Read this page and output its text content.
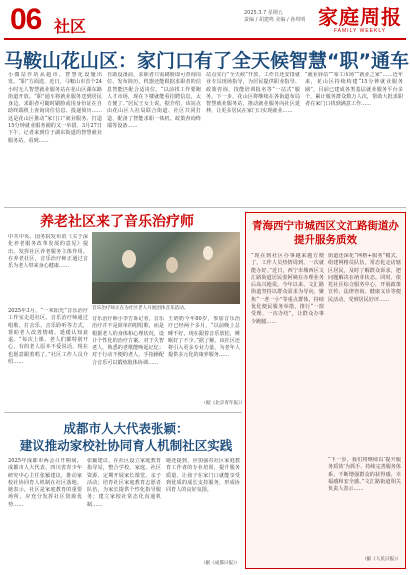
06 社区
2025.3.7 星期五
责编 / 胡建鸣 美编 / 孙琪明 家庭周报
FAMILY WEEKLY
马鞍山花山区：家门口有了全天候智慧“职”通车
小微站作坊从超市、智慧化设施出发。“职”方面选，近日，马鞍山市首个24小时无人智慧就业服务站在花山区湖东路街道开放。“职”通车将就业服务送到居民身边，求职者可随时刷脸或用身份证在自助终端机上查询岗位信息、投递简历……这是花山区推动“家门口”就业服务、打造15分钟就业服务圈的又一举措。3月27日下午，记者来到位于湖东街道的智慧就业服务站，看到……
自助设备前，求职者只需刷脸即可查询岗位、发布简历，机器还能根据求职者的信息智能匹配合适岗位。“以前找工作要跑人才市场，现在下楼就能看招聘信息，太方便了。”居民王女士说。据介绍，该站点由花山区人社局联合街道、社区共同打造，配备了智能求职一体机、政策查询终端等设备……
站点实行“全天候”开放，工作日还安排就业专员现场指导，为居民提供职业指导、政策咨询、技能培训报名等“一站式”服务。下一步，花山区将继续在各街道布局智慧就业服务站，推动就业服务向社区延伸，让更多居民在家门口实现就业……
“就业驿站”“零工市场”“就业之家”……近年来，花山区持续构建“15分钟就业服务圈”，目前已建成各类基层就业服务平台多个，累计服务群众数万人次，帮助大批求职者在家门口找到满意工作……
养老社区来了音乐治疗师
中共中央、国务院发布的《关于深化养老服务改革发展的意见》提出，发挥社区养老服务主体作用。在养老社区，音乐治疗师正通过音乐为老人带来身心健康……
音乐治疗师正在为社区老人开展团体音乐活动。
2025年3月，“一米阳光”音乐治疗工作室走进社区。音乐治疗师通过唱歌、打击乐、音乐聆听等方式，帮助老人改善情绪、延缓认知衰退。“每次上课，老人们都特别开心，有的老人原本不爱说话，现在也愿意跟着唱了。”社区工作人员介绍……
音乐治疗师小李告诉记者，音乐治疗并不是简单的唱唱歌，而是根据老人的身体和心理状况，设计个性化的治疗方案。对于失智老人，熟悉的老歌能唤起记忆；对于行动不便的老人，手指操配合音乐可以锻炼肢体协调……
王奶奶今年80岁，参加音乐治疗已经两个多月。“以前晚上总睡不好，现在跟着音乐放松，睡眠好了不少。”据了解，该社区还将引入更多专业力量，为老年人提供多元化的康养服务……
（据《北京青年报》）
成都市人大代表张颖：
建议推动家校社协同育人机制社区实践
2025年成都市两会召开期间，成都市人大代表、四川省青少年研究中心主任张颖建议，推动家校社协同育人机制在社区落地。她表示，社区是家庭教育的重要场所，应充分发挥社区资源优势……
张颖建议，在社区设立家庭教育指导站，整合学校、家庭、社区资源，定期开展家长课堂、亲子活动；培育社区家庭教育志愿者队伍，为家长提供个性化指导服务；建立家校社常态化沟通机制……
她还提到，应加强对社区家庭教育工作者的专业培训，提升服务质量，让孩子在家门口就能享受到优质的成长支持服务，形成协同育人的良好氛围。
（据《成都日报》）
青海西宁市城西区文汇路街道办
提升服务质效
“现在到社区办事越来越方便了，工作人员热情周到，一次就能办好。”近日，西宁市城西区文汇路街道居民张阿姨在办理业务后高兴地说。今年以来，文汇路街道坚持以群众需求为导向，聚焦“一老一小”等重点群体，持续优化便民服务举措，推行“一窗受理、一次办结”，让群众办事少跑腿……
街道还深化“网格+服务”模式，组建网格员队伍，常态化走访辖区居民，及时了解群众诉求，把问题解决在萌芽状态。同时，依托社区综合服务中心，开展政策宣传、法律咨询、健康义诊等便民活动，受到居民好评……
“下一步，我们将继续以‘提升服务质效’为抓手，持续完善服务体系，不断增强群众的获得感、幸福感和安全感。”文汇路街道相关负责人表示……
（据《人民日报》）
